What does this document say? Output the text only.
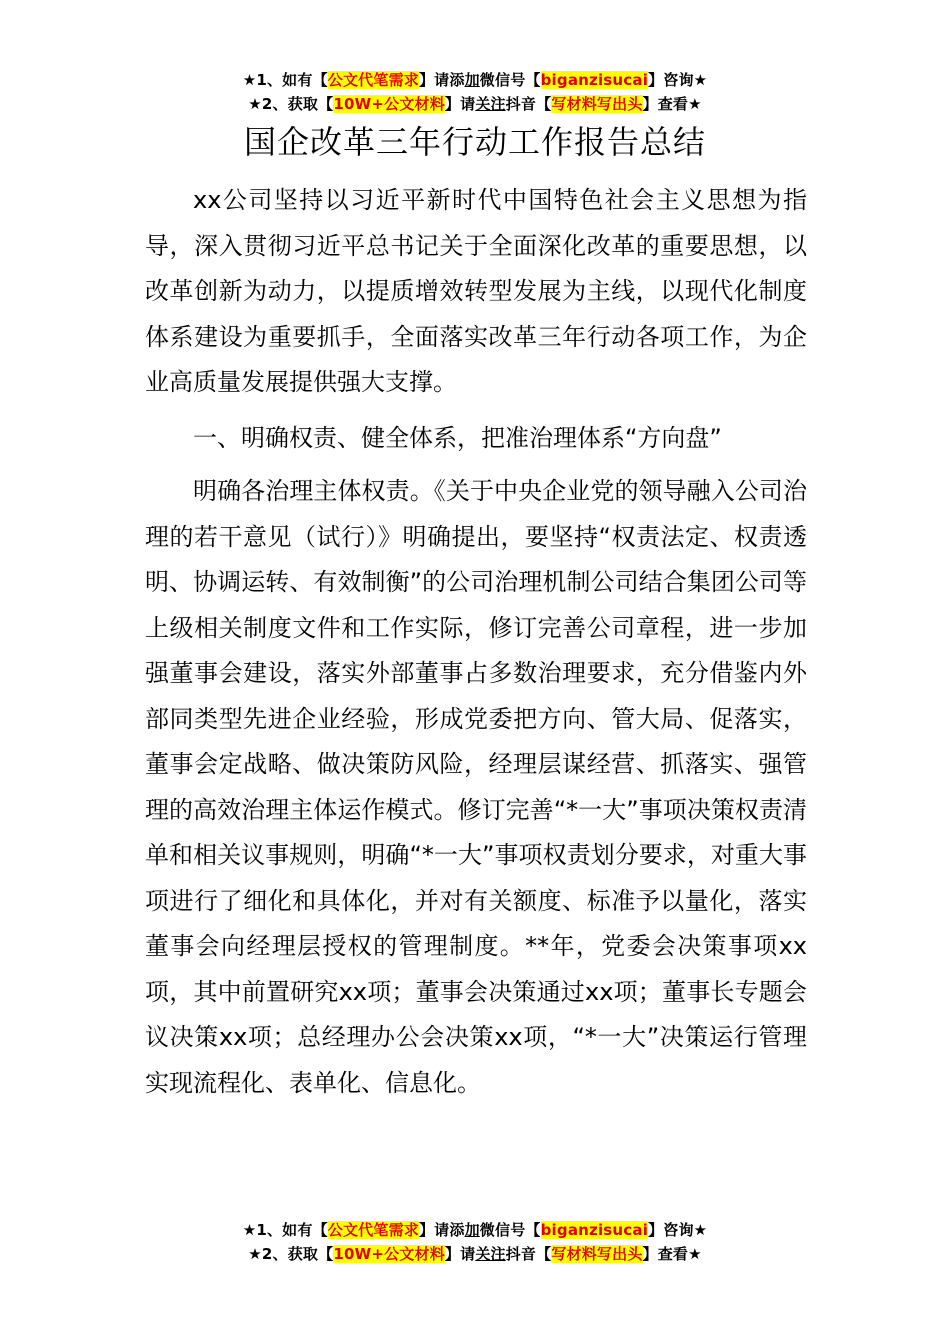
★1、如有【公文代笔需求】请添加微信号【biganzisucai】咨询★
★2、获取【10W+公文材料】请关注抖音【写材料写出头】查看★
国企改革三年行动工作报告总结

xx公司坚持以习近平新时代中国特色社会主义思想为指导，深入贯彻习近平总书记关于全面深化改革的重要思想，以改革创新为动力，以提质增效转型发展为主线，以现代化制度体系建设为重要抓手，全面落实改革三年行动各项工作，为企业高质量发展提供强大支撑。

一、明确权责、健全体系，把准治理体系“方向盘”

明确各治理主体权责。《关于中央企业党的领导融入公司治理的若干意见（试行）》明确提出，要坚持“权责法定、权责透明、协调运转、有效制衡”的公司治理机制公司结合集团公司等上级相关制度文件和工作实际，修订完善公司章程，进一步加强董事会建设，落实外部董事占多数治理要求，充分借鉴内外部同类型先进企业经验，形成党委把方向、管大局、促落实，董事会定战略、做决策防风险，经理层谋经营、抓落实、强管理的高效治理主体运作模式。修订完善“*一大”事项决策权责清单和相关议事规则，明确“*一大”事项权责划分要求，对重大事项进行了细化和具体化，并对有关额度、标准予以量化，落实董事会向经理层授权的管理制度。**年，党委会决策事项xx项，其中前置研究xx项；董事会决策通过xx项；董事长专题会议决策xx项；总经理办公会决策xx项，“*一大”决策运行管理实现流程化、表单化、信息化。

★1、如有【公文代笔需求】请添加微信号【biganzisucai】咨询★
★2、获取【10W+公文材料】请关注抖音【写材料写出头】查看★
